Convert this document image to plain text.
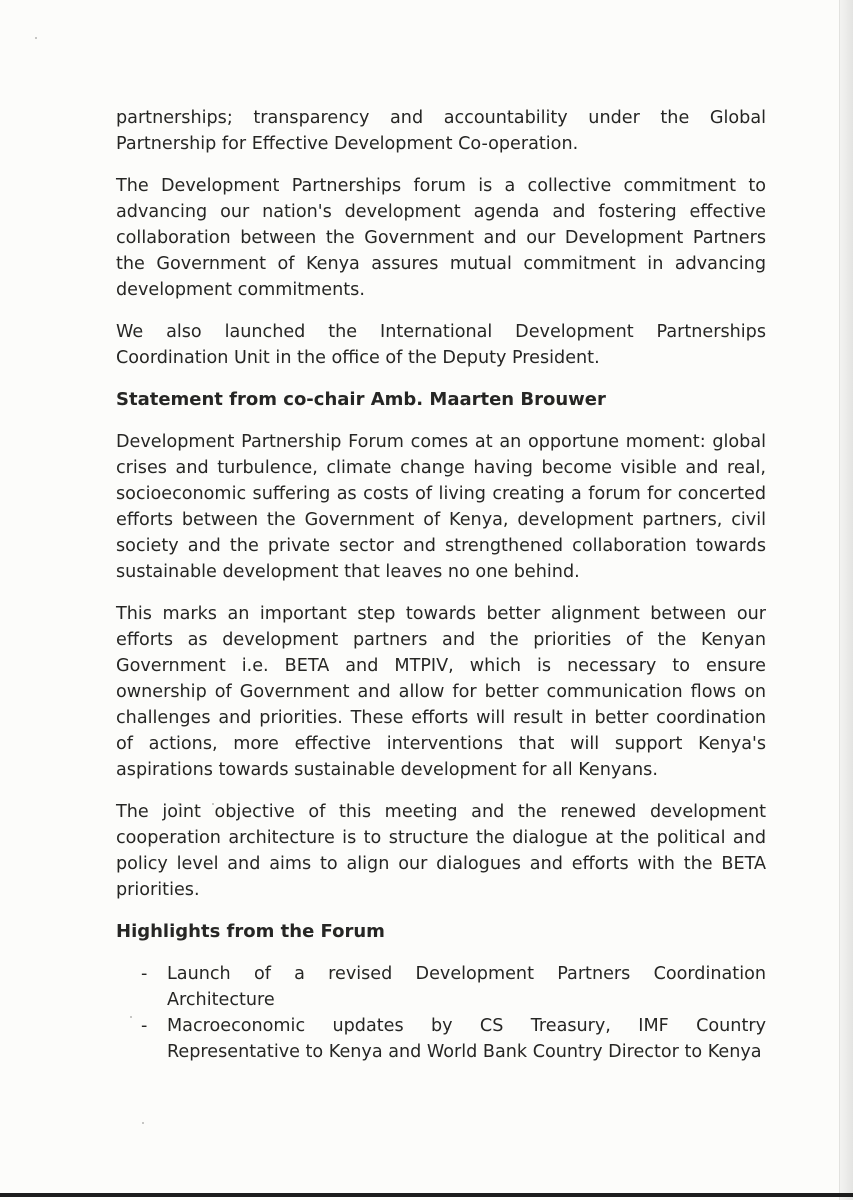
partnerships; transparency and accountability under the Global Partnership for Effective Development Co-operation.

The Development Partnerships forum is a collective commitment to advancing our nation's development agenda and fostering effective collaboration between the Government and our Development Partners the Government of Kenya assures mutual commitment in advancing development commitments.

We also launched the International Development Partnerships Coordination Unit in the office of the Deputy President.

Statement from co-chair Amb. Maarten Brouwer

Development Partnership Forum comes at an opportune moment: global crises and turbulence, climate change having become visible and real, socioeconomic suffering as costs of living creating a forum for concerted efforts between the Government of Kenya, development partners, civil society and the private sector and strengthened collaboration towards sustainable development that leaves no one behind.

This marks an important step towards better alignment between our efforts as development partners and the priorities of the Kenyan Government i.e. BETA and MTPIV, which is necessary to ensure ownership of Government and allow for better communication flows on challenges and priorities. These efforts will result in better coordination of actions, more effective interventions that will support Kenya's aspirations towards sustainable development for all Kenyans.

The joint objective of this meeting and the renewed development cooperation architecture is to structure the dialogue at the political and policy level and aims to align our dialogues and efforts with the BETA priorities.

Highlights from the Forum
- Launch of a revised Development Partners Coordination Architecture
- Macroeconomic updates by CS Treasury, IMF Country Representative to Kenya and World Bank Country Director to Kenya
